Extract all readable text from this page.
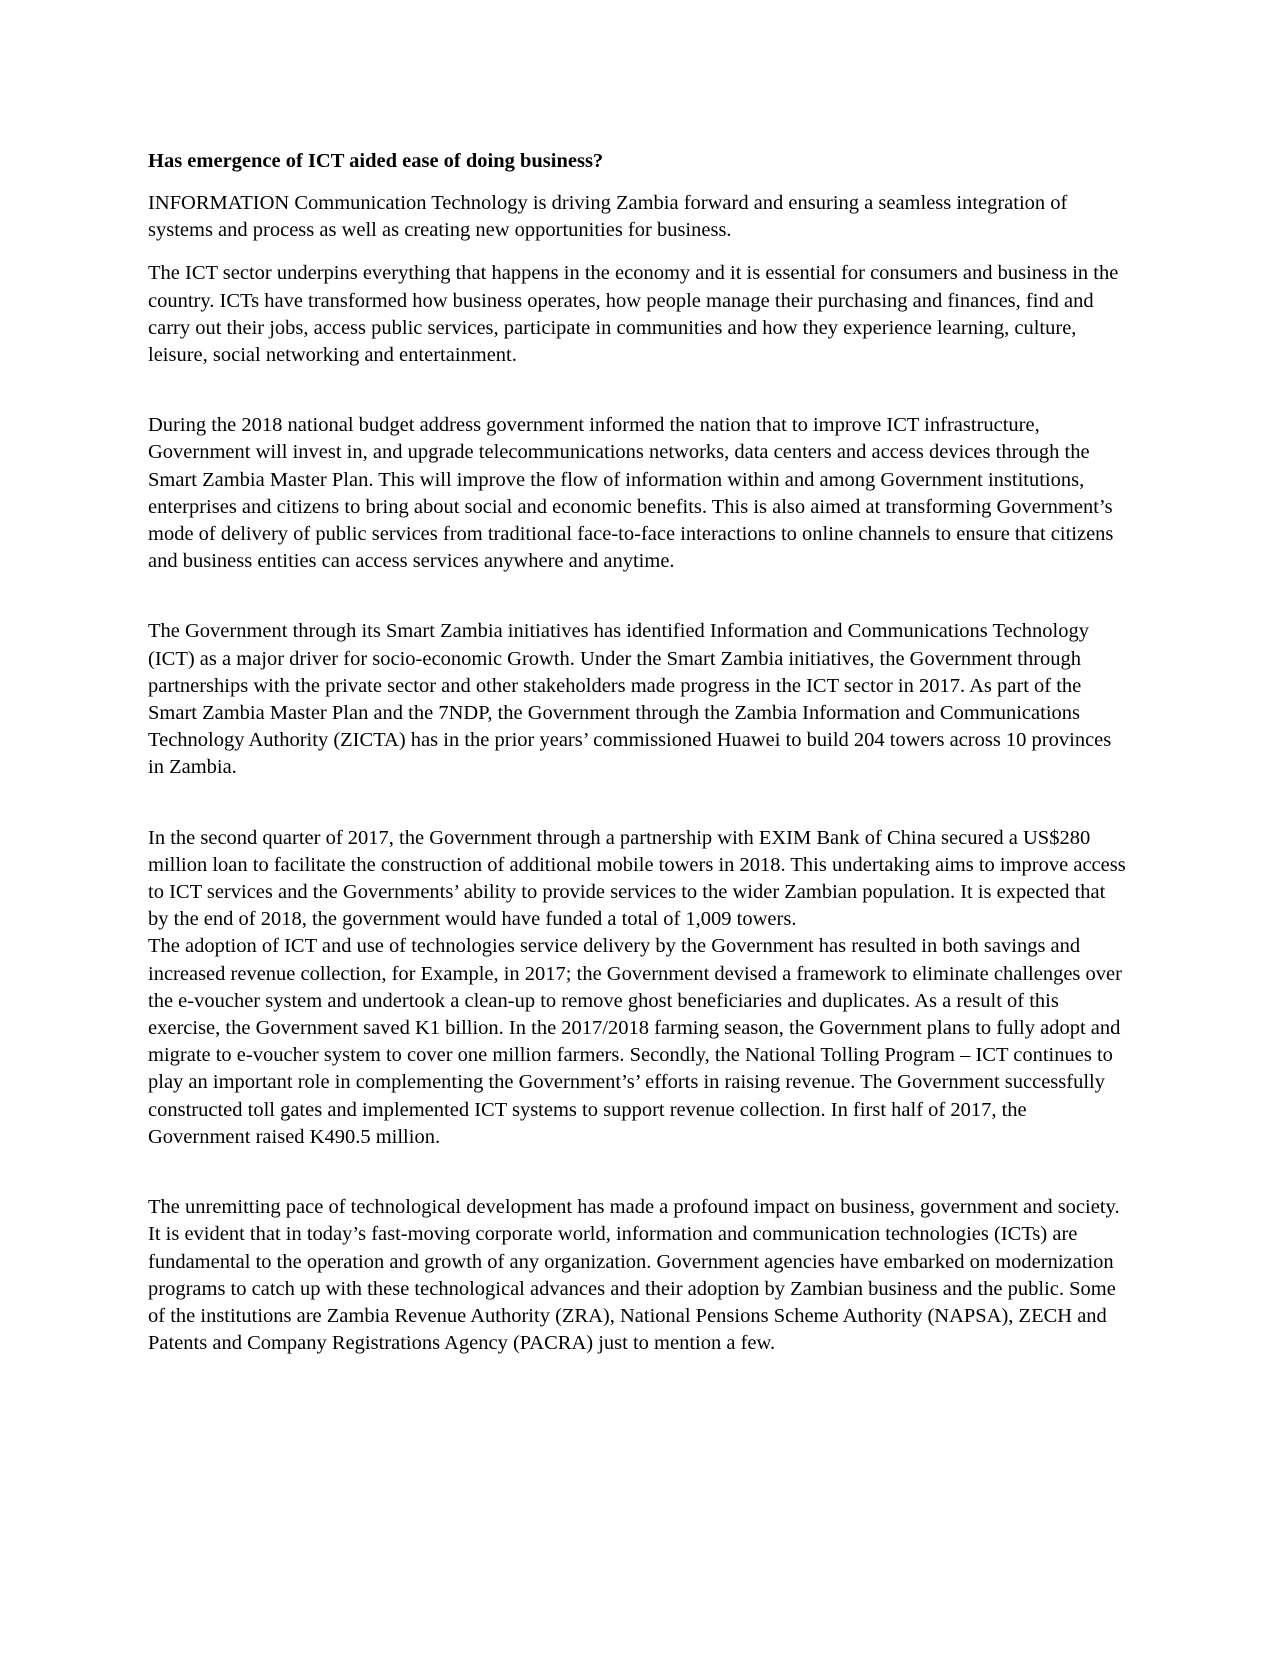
Has emergence of ICT aided ease of doing business?

INFORMATION Communication Technology is driving Zambia forward and ensuring a seamless integration of systems and process as well as creating new opportunities for business.

The ICT sector underpins everything that happens in the economy and it is essential for consumers and business in the country. ICTs have transformed how business operates, how people manage their purchasing and finances, find and carry out their jobs, access public services, participate in communities and how they experience learning, culture, leisure, social networking and entertainment.

During the 2018 national budget address government informed the nation that to improve ICT infrastructure, Government will invest in, and upgrade telecommunications networks, data centers and access devices through the Smart Zambia Master Plan. This will improve the flow of information within and among Government institutions, enterprises and citizens to bring about social and economic benefits. This is also aimed at transforming Government’s mode of delivery of public services from traditional face-to-face interactions to online channels to ensure that citizens and business entities can access services anywhere and anytime.

The Government through its Smart Zambia initiatives has identified Information and Communications Technology (ICT) as a major driver for socio-economic Growth. Under the Smart Zambia initiatives, the Government through partnerships with the private sector and other stakeholders made progress in the ICT sector in 2017. As part of the Smart Zambia Master Plan and the 7NDP, the Government through the Zambia Information and Communications Technology Authority (ZICTA) has in the prior years’ commissioned Huawei to build 204 towers across 10 provinces in Zambia.

In the second quarter of 2017, the Government through a partnership with EXIM Bank of China secured a US$280 million loan to facilitate the construction of additional mobile towers in 2018. This undertaking aims to improve access to ICT services and the Governments’ ability to provide services to the wider Zambian population. It is expected that by the end of 2018, the government would have funded a total of 1,009 towers.

The adoption of ICT and use of technologies service delivery by the Government has resulted in both savings and increased revenue collection, for Example, in 2017; the Government devised a framework to eliminate challenges over the e-voucher system and undertook a clean-up to remove ghost beneficiaries and duplicates. As a result of this exercise, the Government saved K1 billion. In the 2017/2018 farming season, the Government plans to fully adopt and migrate to e-voucher system to cover one million farmers. Secondly, the National Tolling Program – ICT continues to play an important role in complementing the Government’s’ efforts in raising revenue. The Government successfully constructed toll gates and implemented ICT systems to support revenue collection. In first half of 2017, the Government raised K490.5 million.

The unremitting pace of technological development has made a profound impact on business, government and society. It is evident that in today’s fast-moving corporate world, information and communication technologies (ICTs) are fundamental to the operation and growth of any organization. Government agencies have embarked on modernization programs to catch up with these technological advances and their adoption by Zambian business and the public. Some of the institutions are Zambia Revenue Authority (ZRA), National Pensions Scheme Authority (NAPSA), ZECH and Patents and Company Registrations Agency (PACRA) just to mention a few.
